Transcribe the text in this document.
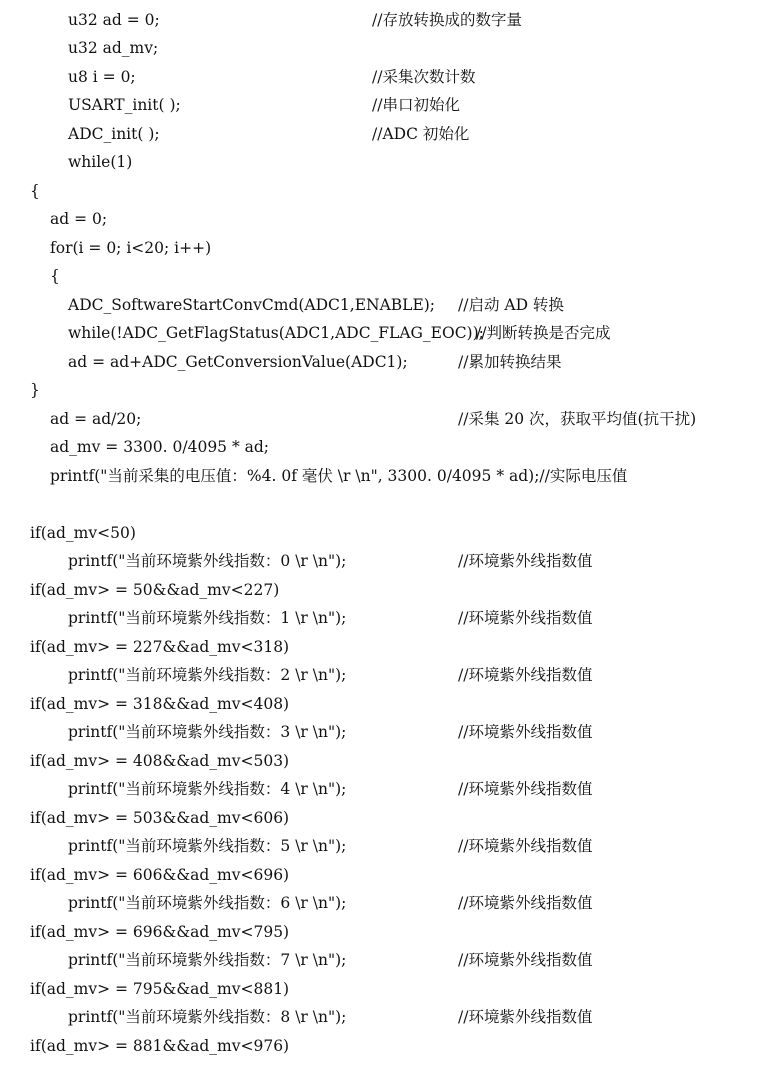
u32 ad = 0;	//存放转换成的数字量
u32 ad_mv;
u8 i = 0;	//采集次数计数
USART_init( );	//串口初始化
ADC_init( );	//ADC 初始化
while(1)
{
ad = 0;
for(i = 0; i<20; i++)
{
ADC_SoftwareStartConvCmd(ADC1,ENABLE); //启动 AD 转换
while(!ADC_GetFlagStatus(ADC1,ADC_FLAG_EOC));
//判断转换是否完成
ad = ad+ADC_GetConversionValue(ADC1);	//累加转换结果
}
ad = ad/20;	//采集 20 次，获取平均值(抗干扰)
ad_mv = 3300. 0/4095 * ad;
printf("当前采集的电压值：%4. 0f 毫伏 \r \n", 3300. 0/4095 * ad);//实际电压值
if(ad_mv<50)
printf("当前环境紫外线指数：0 \r \n");	//环境紫外线指数值
if(ad_mv> = 50&&ad_mv<227)
printf("当前环境紫外线指数：1 \r \n");	//环境紫外线指数值
if(ad_mv> = 227&&ad_mv<318)
printf("当前环境紫外线指数：2 \r \n");	//环境紫外线指数值
if(ad_mv> = 318&&ad_mv<408)
printf("当前环境紫外线指数：3 \r \n");	//环境紫外线指数值
if(ad_mv> = 408&&ad_mv<503)
printf("当前环境紫外线指数：4 \r \n");	//环境紫外线指数值
if(ad_mv> = 503&&ad_mv<606)
printf("当前环境紫外线指数：5 \r \n");	//环境紫外线指数值
if(ad_mv> = 606&&ad_mv<696)
printf("当前环境紫外线指数：6 \r \n");	//环境紫外线指数值
if(ad_mv> = 696&&ad_mv<795)
printf("当前环境紫外线指数：7 \r \n");	//环境紫外线指数值
if(ad_mv> = 795&&ad_mv<881)
printf("当前环境紫外线指数：8 \r \n");	//环境紫外线指数值
if(ad_mv> = 881&&ad_mv<976)
